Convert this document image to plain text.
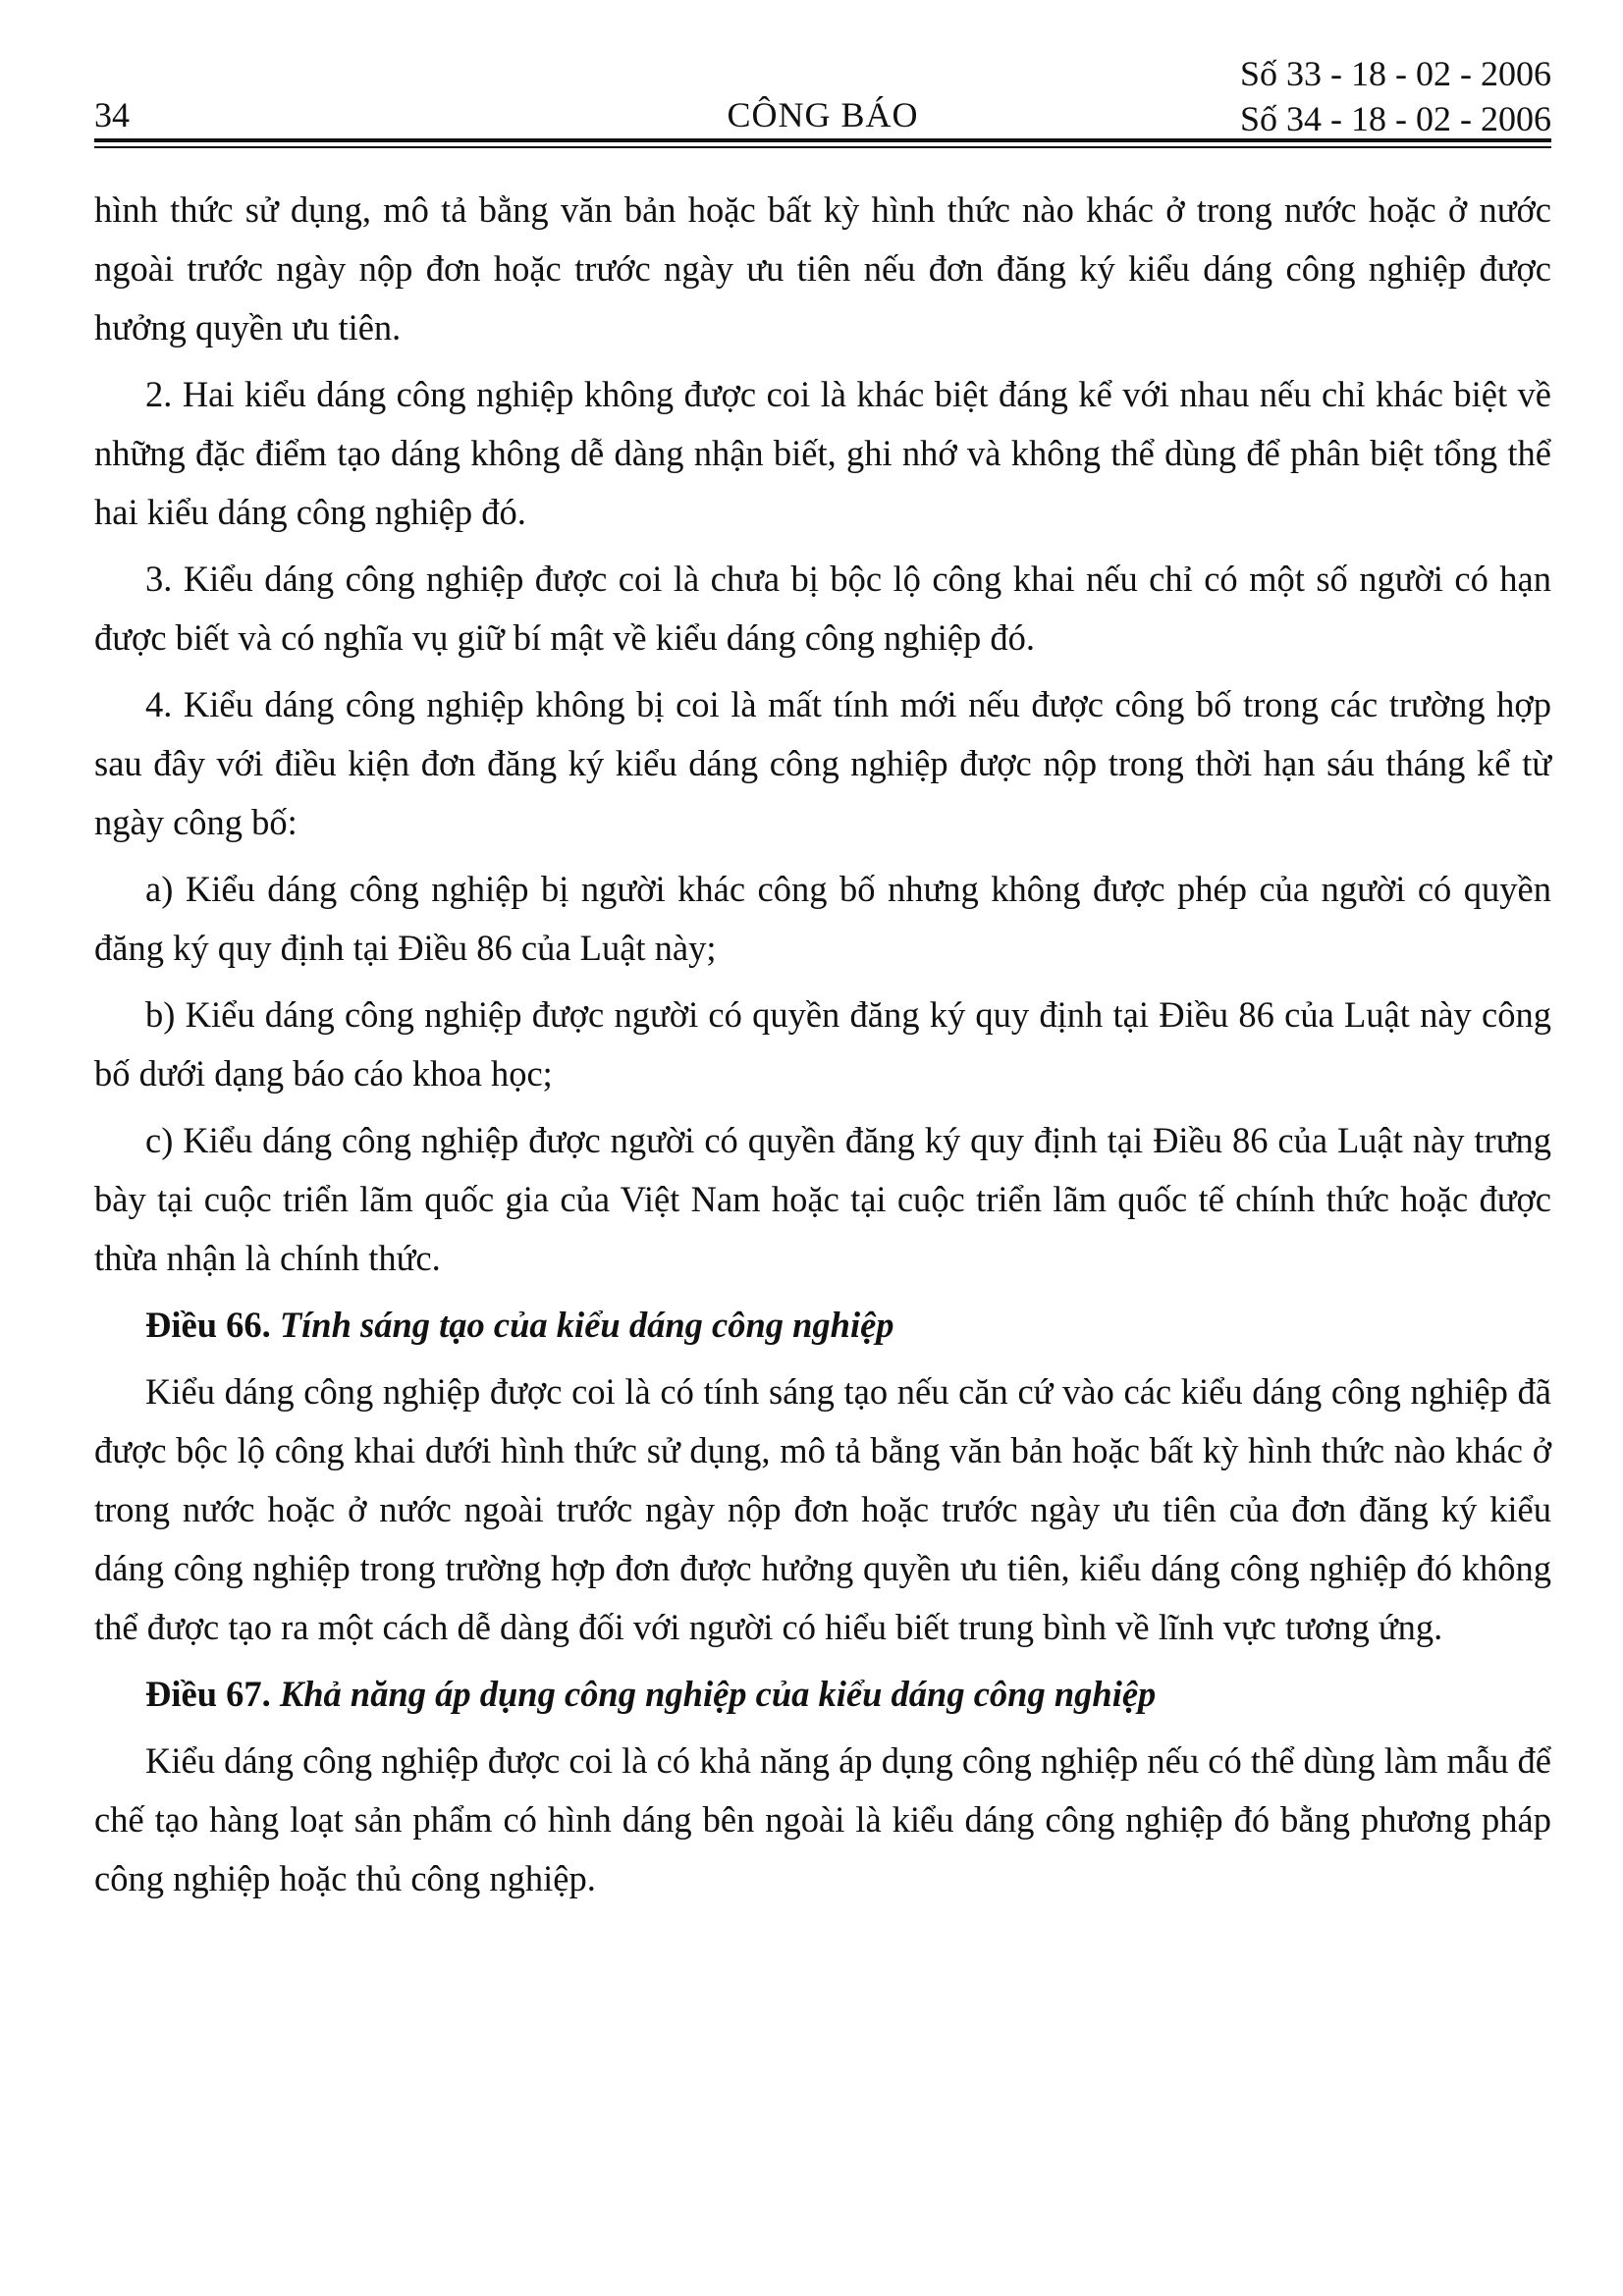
34	CÔNG BÁO
Số 33 - 18 - 02 - 2006
Số 34 - 18 - 02 - 2006

hình thức sử dụng, mô tả bằng văn bản hoặc bất kỳ hình thức nào khác ở trong nước hoặc ở nước ngoài trước ngày nộp đơn hoặc trước ngày ưu tiên nếu đơn đăng ký kiểu dáng công nghiệp được hưởng quyền ưu tiên.

2. Hai kiểu dáng công nghiệp không được coi là khác biệt đáng kể với nhau nếu chỉ khác biệt về những đặc điểm tạo dáng không dễ dàng nhận biết, ghi nhớ và không thể dùng để phân biệt tổng thể hai kiểu dáng công nghiệp đó.

3. Kiểu dáng công nghiệp được coi là chưa bị bộc lộ công khai nếu chỉ có một số người có hạn được biết và có nghĩa vụ giữ bí mật về kiểu dáng công nghiệp đó.

4. Kiểu dáng công nghiệp không bị coi là mất tính mới nếu được công bố trong các trường hợp sau đây với điều kiện đơn đăng ký kiểu dáng công nghiệp được nộp trong thời hạn sáu tháng kể từ ngày công bố:

a) Kiểu dáng công nghiệp bị người khác công bố nhưng không được phép của người có quyền đăng ký quy định tại Điều 86 của Luật này;

b) Kiểu dáng công nghiệp được người có quyền đăng ký quy định tại Điều 86 của Luật này công bố dưới dạng báo cáo khoa học;

c) Kiểu dáng công nghiệp được người có quyền đăng ký quy định tại Điều 86 của Luật này trưng bày tại cuộc triển lãm quốc gia của Việt Nam hoặc tại cuộc triển lãm quốc tế chính thức hoặc được thừa nhận là chính thức.

Điều 66. Tính sáng tạo của kiểu dáng công nghiệp

Kiểu dáng công nghiệp được coi là có tính sáng tạo nếu căn cứ vào các kiểu dáng công nghiệp đã được bộc lộ công khai dưới hình thức sử dụng, mô tả bằng văn bản hoặc bất kỳ hình thức nào khác ở trong nước hoặc ở nước ngoài trước ngày nộp đơn hoặc trước ngày ưu tiên của đơn đăng ký kiểu dáng công nghiệp trong trường hợp đơn được hưởng quyền ưu tiên, kiểu dáng công nghiệp đó không thể được tạo ra một cách dễ dàng đối với người có hiểu biết trung bình về lĩnh vực tương ứng.

Điều 67. Khả năng áp dụng công nghiệp của kiểu dáng công nghiệp

Kiểu dáng công nghiệp được coi là có khả năng áp dụng công nghiệp nếu có thể dùng làm mẫu để chế tạo hàng loạt sản phẩm có hình dáng bên ngoài là kiểu dáng công nghiệp đó bằng phương pháp công nghiệp hoặc thủ công nghiệp.
